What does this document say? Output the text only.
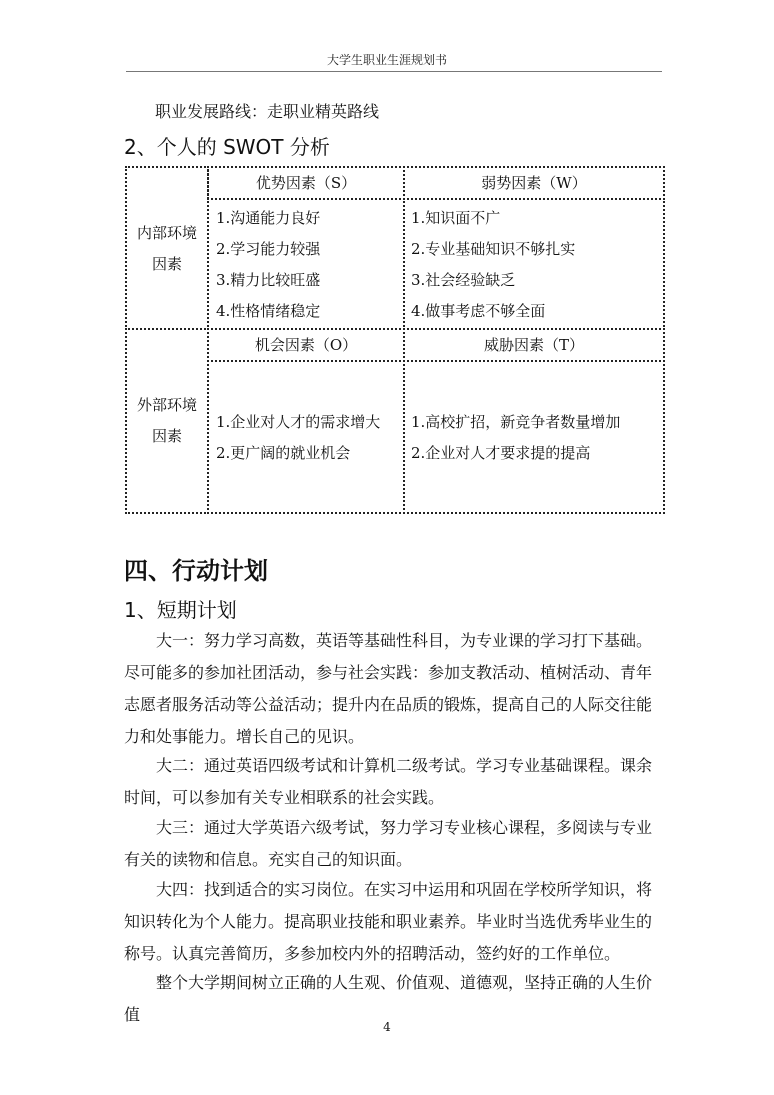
大学生职业生涯规划书
职业发展路线：走职业精英路线
2、个人的 SWOT 分析
内部环境
因素
优势因素（S）	弱势因素（W）
1.沟通能力良好
2.学习能力较强
3.精力比较旺盛
4.性格情绪稳定
1.知识面不广
2.专业基础知识不够扎实
3.社会经验缺乏
4.做事考虑不够全面
外部环境
因素
机会因素（O）	威胁因素（T）
1.企业对人才的需求增大
2.更广阔的就业机会
1.高校扩招，新竞争者数量增加
2.企业对人才要求提的提高
四、行动计划
1、短期计划
大一：努力学习高数，英语等基础性科目，为专业课的学习打下基础。尽可能多的参加社团活动，参与社会实践：参加支教活动、植树活动、青年志愿者服务活动等公益活动；提升内在品质的锻炼，提高自己的人际交往能力和处事能力。增长自己的见识。
大二：通过英语四级考试和计算机二级考试。学习专业基础课程。课余时间，可以参加有关专业相联系的社会实践。
大三：通过大学英语六级考试，努力学习专业核心课程，多阅读与专业有关的读物和信息。充实自己的知识面。
大四：找到适合的实习岗位。在实习中运用和巩固在学校所学知识，将知识转化为个人能力。提高职业技能和职业素养。毕业时当选优秀毕业生的称号。认真完善简历，多参加校内外的招聘活动，签约好的工作单位。
整个大学期间树立正确的人生观、价值观、道德观，坚持正确的人生价值
4
